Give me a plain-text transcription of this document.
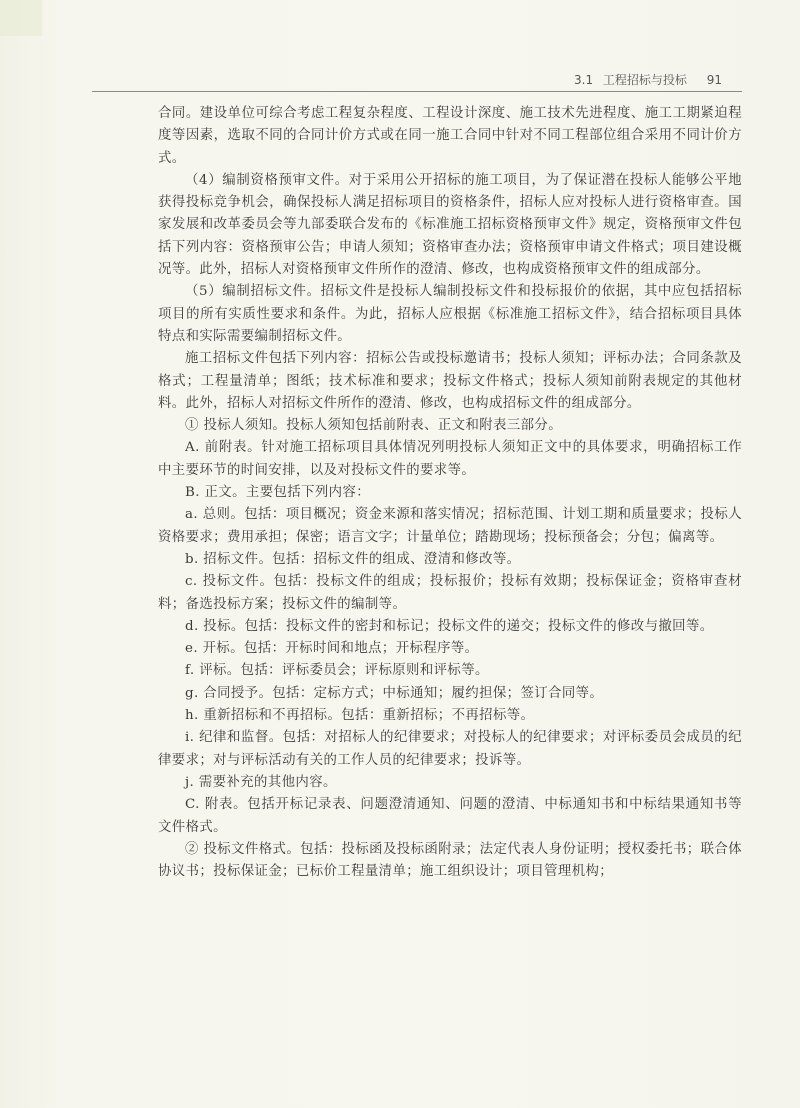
3.1 工程招标与投标 91

合同。建设单位可综合考虑工程复杂程度、工程设计深度、施工技术先进程度、施工工期紧迫程度等因素，选取不同的合同计价方式或在同一施工合同中针对不同工程部位组合采用不同计价方式。

（4）编制资格预审文件。对于采用公开招标的施工项目，为了保证潜在投标人能够公平地获得投标竞争机会，确保投标人满足招标项目的资格条件，招标人应对投标人进行资格审查。国家发展和改革委员会等九部委联合发布的《标准施工招标资格预审文件》规定，资格预审文件包括下列内容：资格预审公告；申请人须知；资格审查办法；资格预审申请文件格式；项目建设概况等。此外，招标人对资格预审文件所作的澄清、修改，也构成资格预审文件的组成部分。

（5）编制招标文件。招标文件是投标人编制投标文件和投标报价的依据，其中应包括招标项目的所有实质性要求和条件。为此，招标人应根据《标准施工招标文件》，结合招标项目具体特点和实际需要编制招标文件。

施工招标文件包括下列内容：招标公告或投标邀请书；投标人须知；评标办法；合同条款及格式；工程量清单；图纸；技术标准和要求；投标文件格式；投标人须知前附表规定的其他材料。此外，招标人对招标文件所作的澄清、修改，也构成招标文件的组成部分。

① 投标人须知。投标人须知包括前附表、正文和附表三部分。

A. 前附表。针对施工招标项目具体情况列明投标人须知正文中的具体要求，明确招标工作中主要环节的时间安排，以及对投标文件的要求等。

B. 正文。主要包括下列内容：

a. 总则。包括：项目概况；资金来源和落实情况；招标范围、计划工期和质量要求；投标人资格要求；费用承担；保密；语言文字；计量单位；踏勘现场；投标预备会；分包；偏离等。

b. 招标文件。包括：招标文件的组成、澄清和修改等。

c. 投标文件。包括：投标文件的组成；投标报价；投标有效期；投标保证金；资格审查材料；备选投标方案；投标文件的编制等。

d. 投标。包括：投标文件的密封和标记；投标文件的递交；投标文件的修改与撤回等。

e. 开标。包括：开标时间和地点；开标程序等。

f. 评标。包括：评标委员会；评标原则和评标等。

g. 合同授予。包括：定标方式；中标通知；履约担保；签订合同等。

h. 重新招标和不再招标。包括：重新招标；不再招标等。

i. 纪律和监督。包括：对招标人的纪律要求；对投标人的纪律要求；对评标委员会成员的纪律要求；对与评标活动有关的工作人员的纪律要求；投诉等。

j. 需要补充的其他内容。

C. 附表。包括开标记录表、问题澄清通知、问题的澄清、中标通知书和中标结果通知书等文件格式。

② 投标文件格式。包括：投标函及投标函附录；法定代表人身份证明；授权委托书；联合体协议书；投标保证金；已标价工程量清单；施工组织设计；项目管理机构；
